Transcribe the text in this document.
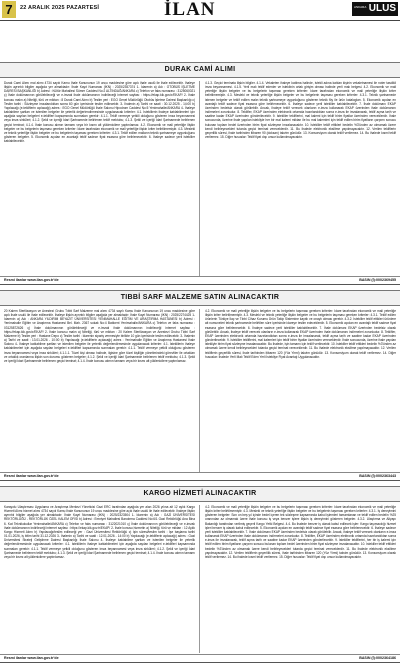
7	22 ARALIK 2025 PAZARTESİ	İLAN	ANKARA ULUS
DURAK CAMİ ALIMI

Durak Cami Alımı mal alımı 4734 sayılı Kamu İhale Kanununun 19 uncu maddesine göre açık ihale usulü ile ihale edilecektir. İhaleye ilişkin ayrıntılı bilgiler aşağıda yer almaktadır: İhale Kayıt Numarası (İKN) : 2025/2357374 1- İdarenin a) Adı : OTOBÜS İŞLETME DAİRESİ BAŞKANLIĞI b) Adresi : Kültür Mahallesi Sümer Caddesi No:2 ALTINDAĞ/ANKARA c) Telefon ve faks numarası : 3125060021 ç) İhale dokümanının görülebileceği ve e-imzalı ihale dokümanının indirileceği internet sayfası : https://ekap.kik.gov.tr/EKAP/ 2- İhale konusu malın a) Niteliği, türü ve miktarı : 8 Durak Cami Alımı b) Teslim yeri : EGO Genel Müdürlüğü Otobüs İşletme Dairesi Başkanlığı c) Teslim tarihi : Sözleşme imzalandıktan sonra 60 gün içerisinde teslim edilecektir. 3- İhalenin a) Tarihi ve saati : 30.12.2025 - 14:00 b) Yapılacağı (e-tekliflerin açılacağı) adres : EGO Genel Müdürlüğü İhale Salonu Hipodrom Caddesi No:5 Yenimahalle/ANKARA 4- İhaleye katılabilme şartları ve istenilen belgeler ile yeterlik değerlendirmesinde uygulanacak kriterler: 4.1. İsteklilerin ihaleye katılabilmeleri için aşağıda sayılan belgeleri e-teklifleri kapsamında sunmaları gerekir: 4.1.1. Teklif vermeye yetkili olduğunu gösteren imza beyannamesi veya imza sirküleri; 4.1.2. Şekli ve içeriği İdari Şartnamede belirlenen teklif mektubu; 4.1.3. Şekli ve içeriği İdari Şartnamede belirlenen geçici teminat; 4.1.4. İhale konusu alımın tamamı veya bir kısmı alt yüklenicilere yaptırılamaz. 4.2. Ekonomik ve mali yeterliğe ilişkin belgeler ve bu belgelerin taşıması gereken kriterler: İdare tarafından ekonomik ve mali yeterliğe ilişkin kriter belirtilmemiştir. 4.3. Mesleki ve teknik yeterliğe ilişkin belgeler ve bu belgelerin taşıması gereken kriterler: 4.3.1. Teklif edilen malların teknik şartnameye uygunluğunu gösteren belgeler. 5. Ekonomik açıdan en avantajlı teklif sadece fiyat esasına göre belirlenecektir. 6. İhaleye sadece yerli istekliler katılabilecektir.

4.1.3. Geçici teminata ilişkin bilgiler. 4.1.4. Vekaleten ihaleye katılma halinde, istekli adına katılan kişinin vekaletnamesi ile noter tasdikli imza beyannamesi. 4.1.5. Yerli malı teklif edenler ve isteklinin ortak girişim olması halinde yerli malı belgesi. 4.2. Ekonomik ve mali yeterliğe ilişkin belgeler ve bu belgelerin taşıması gereken kriterler: İdare tarafından ekonomik ve mali yeterliğe ilişkin kriter belirtilmemiştir. 4.3. Mesleki ve teknik yeterliğe ilişkin belgeler ve bu belgelerin taşıması gereken kriterler: 4.3.1. Teknik şartnamede istenen belgeler ve teklif edilen malın teknik şartnameye uygunluğunu gösteren teknik föy ile ürün katalogları. 5. Ekonomik açıdan en avantajlı teklif sadece fiyat esasına göre belirlenecektir. 6. İhaleye sadece yerli istekliler katılabilecektir. 7. İhale dokümanı EKAP üzerinden bedelsiz olarak görülebilir. Ancak, ihaleye teklif verecek olanların e-imza kullanarak EKAP üzerinden ihale dokümanını indirmeleri zorunludur. 8. Teklifler, EKAP üzerinden elektronik ortamda hazırlandıktan sonra e-imza ile imzalanarak, teklif açma tarih ve saatine kadar EKAP üzerinden gönderilecektir. 9. İstekliler tekliflerini, mal kalemi için teklif birim fiyatlar üzerinden vereceklerdir. İhale sonucunda, üzerine ihale yapılan istekliyle her bir mal kalemi miktarı ile bu mal kalemleri için teklif edilen birim fiyatların çarpımı sonucu bulunan toplam bedel üzerinden birim fiyat sözleşme imzalanacaktır. 10. İstekliler teklif ettikleri bedelin %3'ünden az olmamak üzere kendi belirleyecekleri tutarda geçici teminat vereceklerdir. 11. Bu ihalede elektronik eksiltme yapılmayacaktır. 12. Verilen tekliflerin geçerlilik süresi, ihale tarihinden itibaren 90 (doksan) takvim günüdür. 13. Konsorsiyum olarak teklif verilemez. 14. Bu ihalede kısmi teklif verilemez. 15. Diğer hususlar: Teklif fiyat dışı unsur kullanılmayacaktır.

Resmi ilanlar www.ilan.gov.tr'de	BASIN (İ):0002369455
TIBBİ SARF MALZEME SATIN ALINACAKTIR

20 Kalem Sterilizasyon ve Anestezi Grubu Tıbbi Sarf Malzeme mal alımı 4734 sayılı Kamu İhale Kanununun 19 uncu maddesine göre açık ihale usulü ile ihale edilecektir. İhaleye ilişkin ayrıntılı bilgiler aşağıda yer almaktadır: İhale Kayıt Numarası (İKN) : 2025/2274425 1- İdarenin a) Adı : ANKARA YILDIRIM BEYAZIT ÜNİVERSİTESİ YENİMAHALLE EĞİTİM VE ARAŞTIRMA HASTANESİ b) Adresi : Yenimahalle Eğitim ve Araştırma Hastanesi Bel. Mah. 2367 sokak No:4 Batıkent Yenimahalle/ANKARA c) Telefon ve faks numarası : 03125872626 ç) İhale dokümanının görülebileceği ve e-imzalı ihale dokümanının indirileceği internet sayfası : https://ekap.kik.gov.tr/EKAP/ 2- İhale konusu malın a) Niteliği, türü ve miktarı : 20 Kalem Sterilizasyon ve Anestezi Grubu Tıbbi Sarf Malzeme b) Teslim yeri : Hastane Depo c) Teslim tarihi : İdarenin sipariş vermesiyle birlikte 10 gün içerisinde teslim edilecektir. 3- İhalenin a) Tarihi ve saati : 13.01.2026 - 10:00 b) Yapılacağı (e-tekliflerin açılacağı) adres : Yenimahalle Eğitim ve Araştırma Hastanesi İhale Salonu 4- İhaleye katılabilme şartları ve istenilen belgeler ile yeterlik değerlendirmesinde uygulanacak kriterler: 4.1. İsteklilerin ihaleye katılabilmeleri için aşağıda sayılan belgeleri e-teklifleri kapsamında sunmaları gerekir: 4.1.1. Teklif vermeye yetkili olduğunu gösteren imza beyannamesi veya imza sirküleri; 4.1.1.1. Tüzel kişi olması halinde, ilgisine göre tüzel kişiliğin yönetimindeki görevliler ile ortakları ve ortaklık oranlarına ilişkin son durumu gösteren belgeler; 4.1.2. Şekli ve içeriği İdari Şartnamede belirlenen teklif mektubu; 4.1.3. Şekli ve içeriği İdari Şartnamede belirlenen geçici teminat; 4.1.4. İhale konusu alımın tamamı veya bir kısmı alt yüklenicilere yaptırılamaz.

4.2. Ekonomik ve mali yeterliğe ilişkin belgeler ve bu belgelerin taşıması gereken kriterler: İdare tarafından ekonomik ve mali yeterliğe ilişkin kriter belirtilmemiştir. 4.3. Mesleki ve teknik yeterliğe ilişkin belgeler ve bu belgelerin taşıması gereken kriterler: 4.3.1. Teklif edilen ürünlerin Türkiye İlaç ve Tıbbi Cihaz Kurumu Ürün Takip Sistemine kayıtlı ve onaylı olması gerekir. 4.3.2. İstekliler teklif ettikleri ürünlere ait numuneleri teknik şartnamede belirtilen süre içerisinde idareye teslim edeceklerdir. 5. Ekonomik açıdan en avantajlı teklif sadece fiyat esasına göre belirlenecektir. 6. İhaleye sadece yerli istekliler katılabilecektir. 7. İhale dokümanı EKAP üzerinden bedelsiz olarak görülebilir. Ancak, ihaleye teklif verecek olanların e-imza kullanarak EKAP üzerinden ihale dokümanını indirmeleri zorunludur. 8. Teklifler, EKAP üzerinden elektronik ortamda hazırlandıktan sonra e-imza ile imzalanarak, teklif açma tarih ve saatine kadar EKAP üzerinden gönderilecektir. 9. İstekliler tekliflerini, mal kalemleri için teklif birim fiyatlar üzerinden vereceklerdir. İhale sonucunda, üzerine ihale yapılan istekliyle birim fiyat sözleşme imzalanacaktır. Bu ihalede, işin tamamı için teklif verilecektir. 10. İstekliler teklif ettikleri bedelin %3'ünden az olmamak üzere kendi belirleyecekleri tutarda geçici teminat vereceklerdir. 11. Bu ihalede elektronik eksiltme yapılmayacaktır. 12. Verilen tekliflerin geçerlilik süresi, ihale tarihinden itibaren 120 (Yüz Yirmi) takvim günüdür. 13. Konsorsiyum olarak teklif verilemez. 14. Diğer hususlar: İhalede Yerli Malı Teklif Eden Yerli İstekliye Fiyat Avantajı Uygulanacaktır.

Resmi ilanlar www.ilan.gov.tr'de	BASIN (İ):0002363443
KARGO HİZMETİ ALINACAKTIR

Karayolu Ulaştırması Uygulama ve Araştırma Merkezi Yöneticisi Gazi ERC tarafından aşağıda yer alan 2026 yılına ait 12 aylık Kargo Hizmeti Alımı hizmet alımı 4734 sayılı Kamu İhale Kanununun 19 uncu maddesine göre açık ihale usulü ile ihale edilecektir. İhaleye ilişkin ayrıntılı bilgiler aşağıda yer almaktadır: İhale Kayıt Numarası (İKN) : 2025/2323504 1- İdarenin a) Adı : GAZİ ÜNİVERSİTESİ REKTÖRLÜĞÜ - REKTÖRLÜK ÖZEL KALEM OFİSİ b) Adresi : Emniyet Mahallesi Bandırma Caddesi No:6/1 Gazi Rektörlüğü Ana Bina 6. Kat Teknikokullar Yenimahalle/ANKARA c) Telefon ve faks numarası : 3122021010 ç) İhale dokümanının görülebileceği ve e-imzalı ihale dokümanının indirileceği internet sayfası : https://ekap.kik.gov.tr/EKAP/ 2- İhale konusu hizmetin a) Niteliği, türü ve miktarı : 12 Aylık Kargo Hizmeti Alımı b) Yapılacağı/teslim edileceği yer : Gazi Üniversitesi Rektörlüğü c) İşin süresi/teslim tarihi : İşe başlama tarihi 01.01.2026, iş bitim tarihi 31.12.2026 3- İhalenin a) Tarihi ve saati : 12.01.2026 - 14:00 b) Yapılacağı (e-tekliflerin açılacağı) adres : Gazi Üniversitesi Strateji Geliştirme Dairesi Başkanlığı İhale Salonu 4- İhaleye katılabilme şartları ve istenilen belgeler ile yeterlik değerlendirmesinde uygulanacak kriterler: 4.1. İsteklilerin ihaleye katılabilmeleri için aşağıda sayılan belgeleri e-teklifleri kapsamında sunmaları gerekir: 4.1.1. Teklif vermeye yetkili olduğunu gösteren imza beyannamesi veya imza sirküleri; 4.1.2. Şekli ve içeriği İdari Şartnamede belirlenen teklif mektubu; 4.1.3. Şekli ve içeriği İdari Şartnamede belirlenen geçici teminat; 4.1.4. İhale konusu alımın tamamı veya bir kısmı alt yüklenicilere yaptırılamaz.

4.2. Ekonomik ve mali yeterliğe ilişkin belgeler ve bu belgelerin taşıması gereken kriterler: İdare tarafından ekonomik ve mali yeterliğe ilişkin kriter belirtilmemiştir. 4.3. Mesleki ve teknik yeterliğe ilişkin belgeler ve bu belgelerin taşıması gereken kriterler: 4.3.1. İş deneyimini gösteren belgeler: Son on beş yıl içinde bedel içeren tek sözleşme kapsamında kabul işlemleri tamamlanan ve teklif edilen bedelin %25 oranından az olmamak üzere ihale konusu iş veya benzer işlere ilişkin iş deneyimini gösteren belgeler. 4.3.2. Ulaştırma ve Altyapı Bakanlığı tarafından verilmiş geçerli Kargo Yetki Belgesi. 4.4. Bu ihalede benzer iş olarak kabul edilecek işler: Kargo taşımacılığı hizmet işleri benzer iş olarak kabul edilecektir. 5. Ekonomik açıdan en avantajlı teklif sadece fiyat esasına göre belirlenecektir. 6. İhaleye sadece yerli istekliler katılabilecektir. 7. İhale dokümanı EKAP üzerinden bedelsiz olarak görülebilir. Ancak, ihaleye teklif verecek olanların e-imza kullanarak EKAP üzerinden ihale dokümanını indirmeleri zorunludur. 8. Teklifler, EKAP üzerinden elektronik ortamda hazırlandıktan sonra e-imza ile imzalanarak, teklif açma tarih ve saatine kadar EKAP üzerinden gönderilecektir. 9. İstekliler tekliflerini, her bir iş kalemi için teklif edilen birim fiyatların çarpımı sonucu bulunan toplam bedel üzerinden birim fiyat sözleşme imzalanacaktır. 10. İstekliler teklif ettikleri bedelin %3'ünden az olmamak üzere kendi belirleyecekleri tutarda geçici teminat vereceklerdir. 11. Bu ihalede elektronik eksiltme yapılmayacaktır. 12. Verilen tekliflerin geçerlilik süresi, ihale tarihinden itibaren 120 (Yüz Yirmi) takvim günüdür. 13. Konsorsiyum olarak teklif verilemez. 14. Bu ihalede kısmi teklif verilemez. 15. Diğer hususlar: Teklif fiyat dışı unsur kullanılmayacaktır.

Resmi ilanlar www.ilan.gov.tr'de	BASIN (İ):0002364186
